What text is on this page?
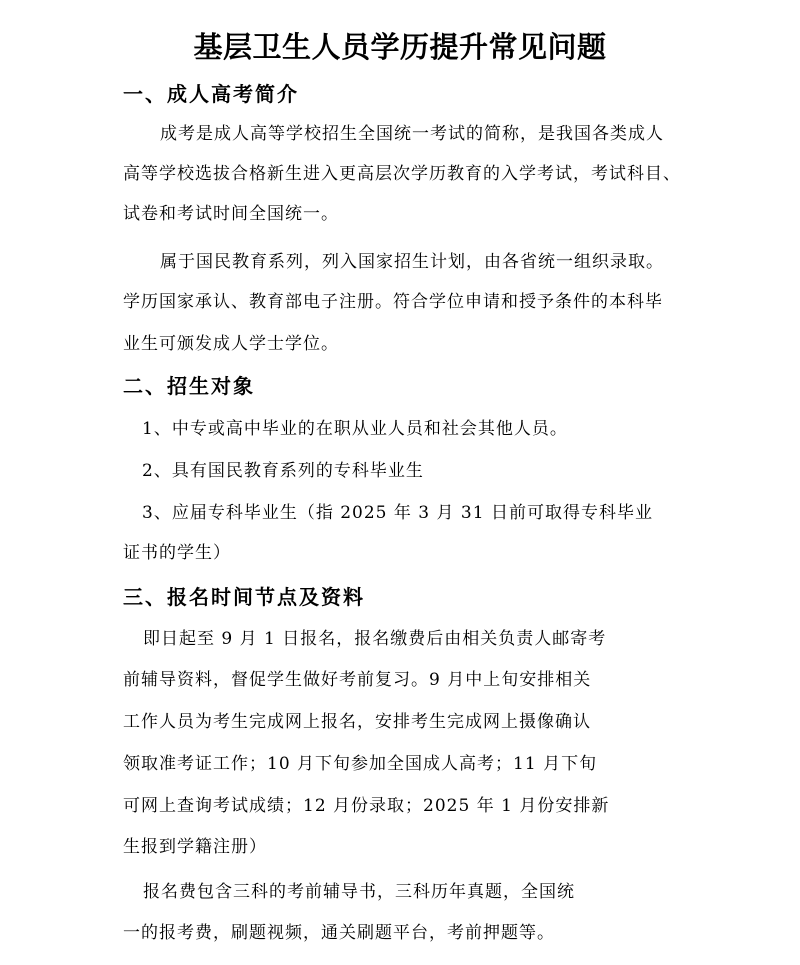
基层卫生人员学历提升常见问题
一、成人高考简介
成考是成人高等学校招生全国统一考试的简称，是我国各类成人
高等学校选拔合格新生进入更高层次学历教育的入学考试，考试科目、
试卷和考试时间全国统一。
属于国民教育系列，列入国家招生计划，由各省统一组织录取。
学历国家承认、教育部电子注册。符合学位申请和授予条件的本科毕
业生可颁发成人学士学位。
二、招生对象
1、中专或高中毕业的在职从业人员和社会其他人员。
2、具有国民教育系列的专科毕业生
3、应届专科毕业生（指 2025 年 3 月 31 日前可取得专科毕业
证书的学生）
三、报名时间节点及资料
即日起至 9 月 1 日报名，报名缴费后由相关负责人邮寄考
前辅导资料，督促学生做好考前复习。9 月中上旬安排相关
工作人员为考生完成网上报名，安排考生完成网上摄像确认
领取准考证工作；10 月下旬参加全国成人高考；11 月下旬
可网上查询考试成绩；12 月份录取；2025 年 1 月份安排新
生报到学籍注册）
报名费包含三科的考前辅导书，三科历年真题，全国统
一的报考费，刷题视频，通关刷题平台，考前押题等。
